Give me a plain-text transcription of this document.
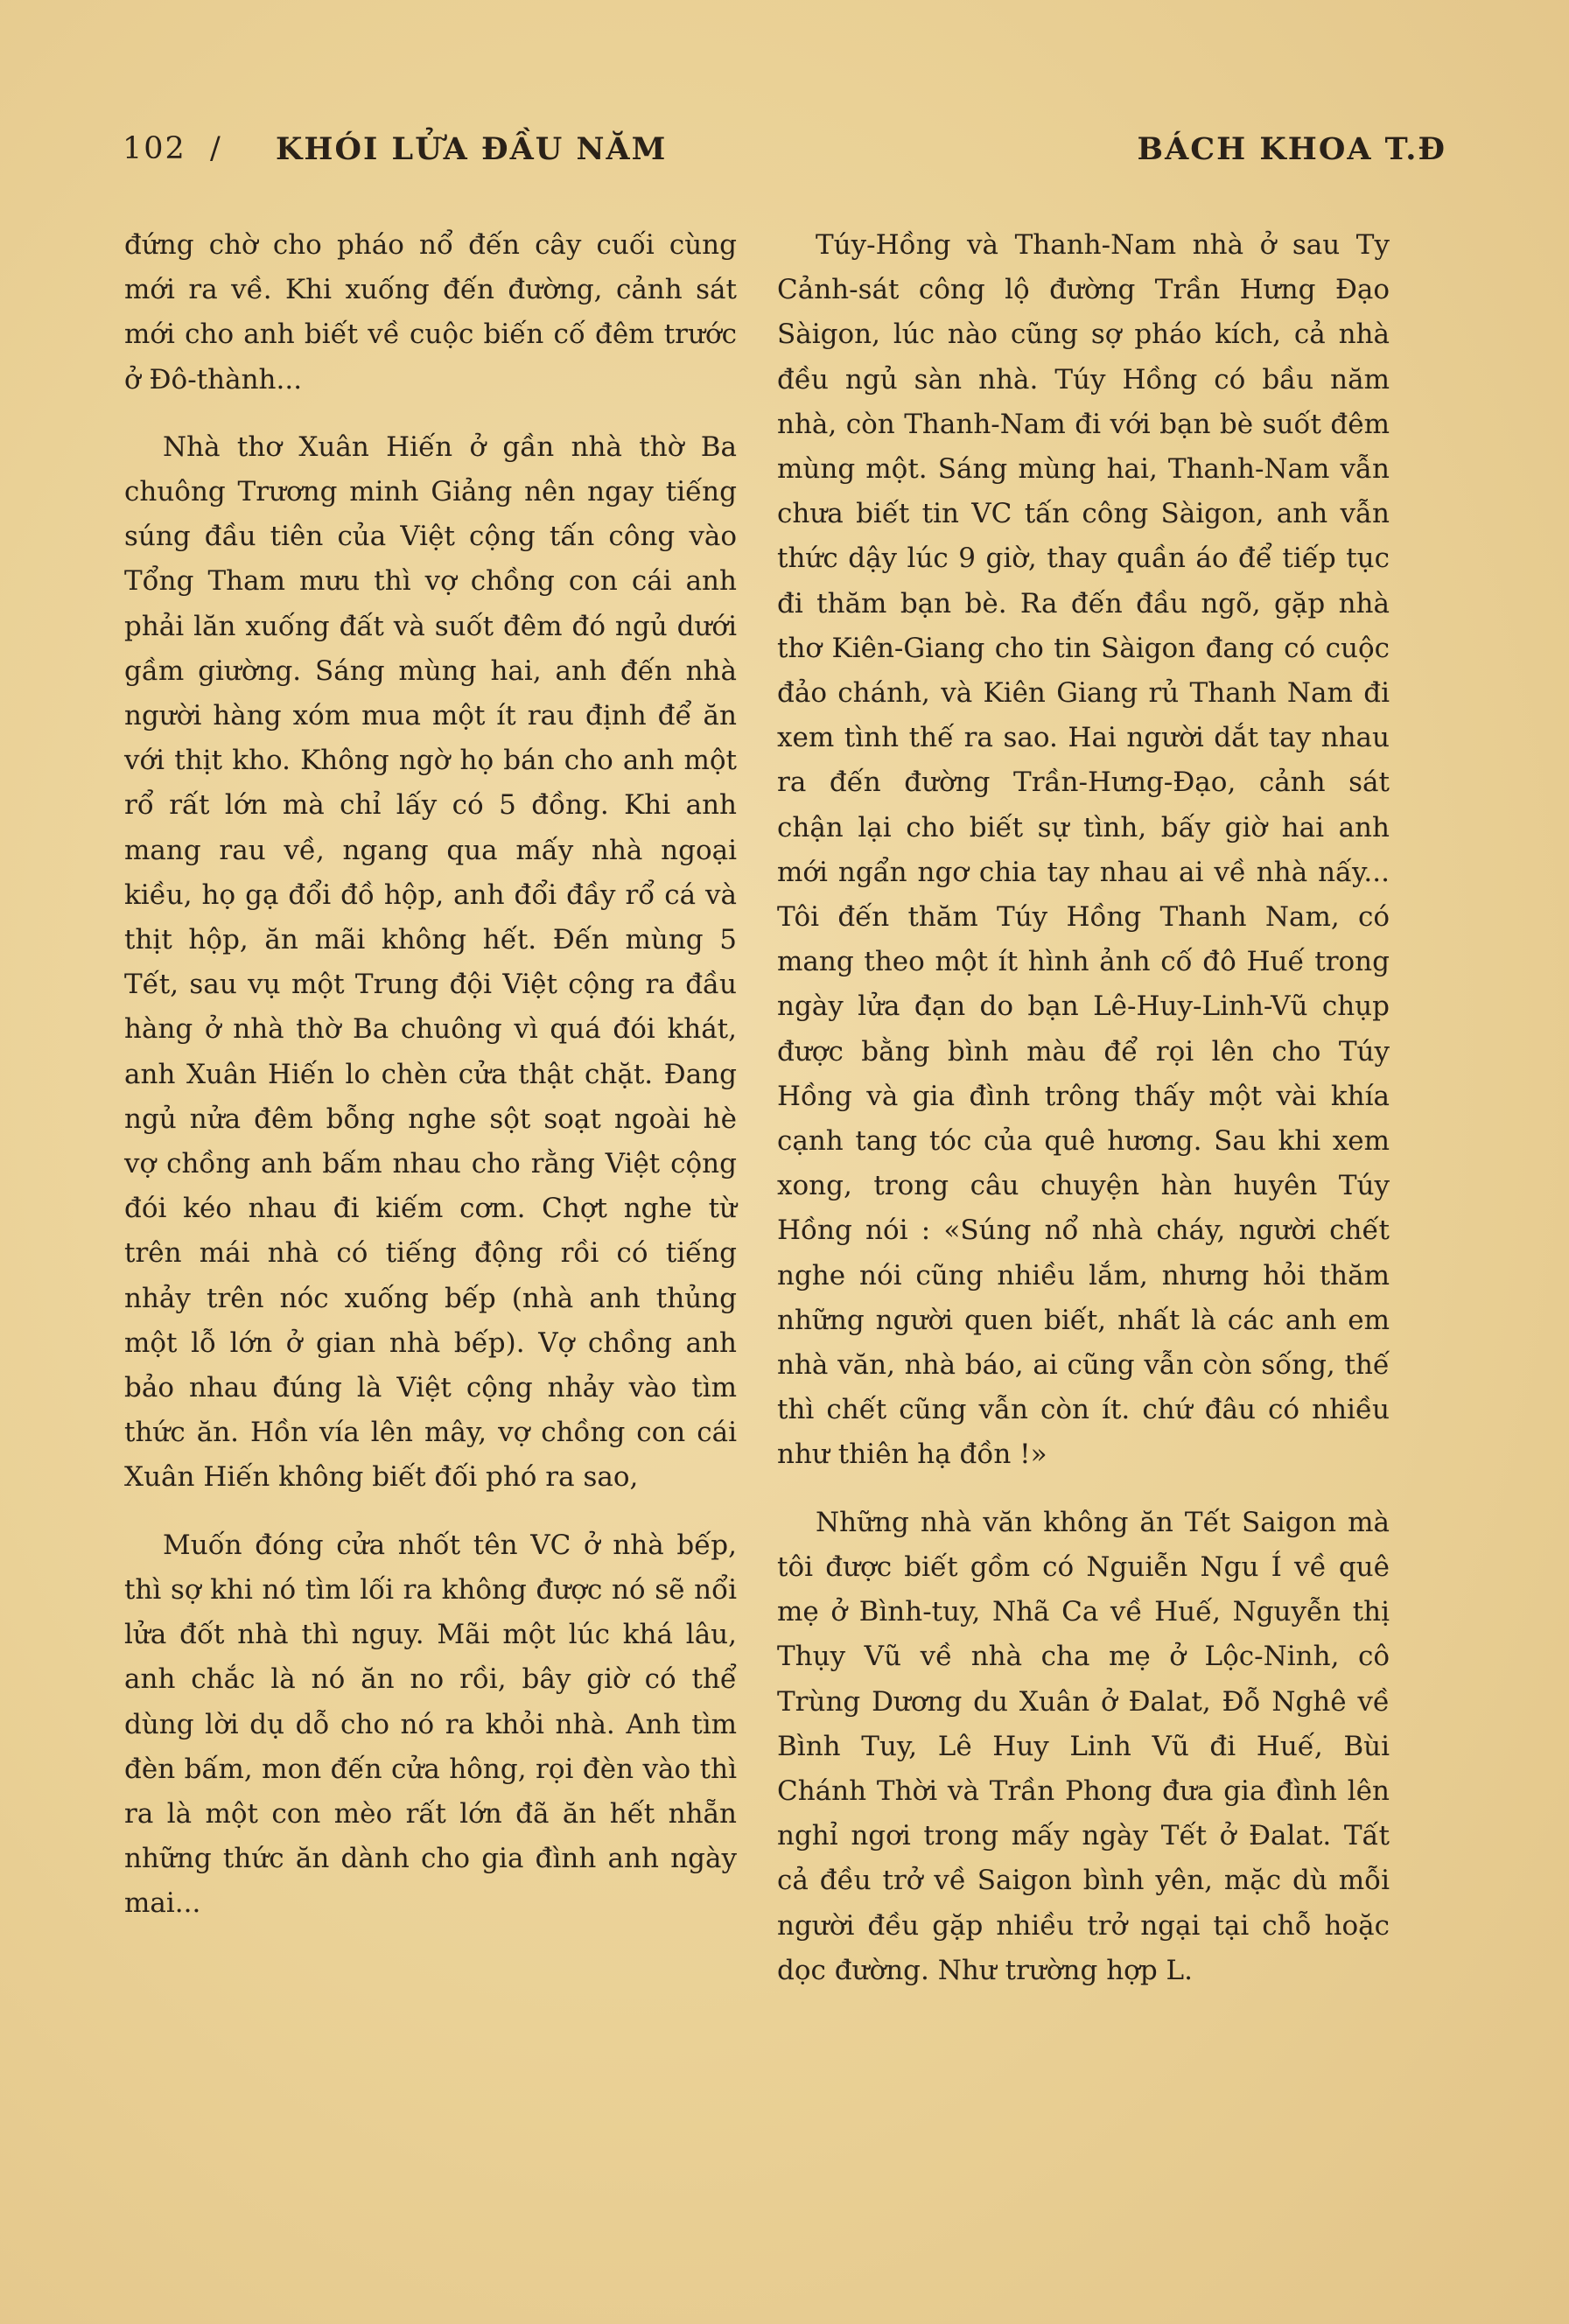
102 / KHÓI LỬA ĐẦU NĂM	BÁCH KHOA T.Đ

đứng chờ cho pháo nổ đến cây cuối cùng mới ra về. Khi xuống đến đường, cảnh sát mới cho anh biết về cuộc biến cố đêm trước ở Đô-thành...

Nhà thơ Xuân Hiến ở gần nhà thờ Ba chuông Trương minh Giảng nên ngay tiếng súng đầu tiên của Việt cộng tấn công vào Tổng Tham mưu thì vợ chồng con cái anh phải lăn xuống đất và suốt đêm đó ngủ dưới gầm giường. Sáng mùng hai, anh đến nhà người hàng xóm mua một ít rau định để ăn với thịt kho. Không ngờ họ bán cho anh một rổ rất lớn mà chỉ lấy có 5 đồng. Khi anh mang rau về, ngang qua mấy nhà ngoại kiều, họ gạ đổi đồ hộp, anh đổi đầy rổ cá và thịt hộp, ăn mãi không hết. Đến mùng 5 Tết, sau vụ một Trung đội Việt cộng ra đầu hàng ở nhà thờ Ba chuông vì quá đói khát, anh Xuân Hiến lo chèn cửa thật chặt. Đang ngủ nửa đêm bỗng nghe sột soạt ngoài hè vợ chồng anh bấm nhau cho rằng Việt cộng đói kéo nhau đi kiếm cơm. Chợt nghe từ trên mái nhà có tiếng động rồi có tiếng nhảy trên nóc xuống bếp (nhà anh thủng một lỗ lớn ở gian nhà bếp). Vợ chồng anh bảo nhau đúng là Việt cộng nhảy vào tìm thức ăn. Hồn vía lên mây, vợ chồng con cái Xuân Hiến không biết đối phó ra sao,

Muốn đóng cửa nhốt tên VC ở nhà bếp, thì sợ khi nó tìm lối ra không được nó sẽ nổi lửa đốt nhà thì nguy. Mãi một lúc khá lâu, anh chắc là nó ăn no rồi, bây giờ có thể dùng lời dụ dỗ cho nó ra khỏi nhà. Anh tìm đèn bấm, mon đến cửa hông, rọi đèn vào thì ra là một con mèo rất lớn đã ăn hết nhẵn những thức ăn dành cho gia đình anh ngày mai...

Túy-Hồng và Thanh-Nam nhà ở sau Ty Cảnh-sát công lộ đường Trần Hưng Đạo Sàigon, lúc nào cũng sợ pháo kích, cả nhà đều ngủ sàn nhà. Túy Hồng có bầu năm nhà, còn Thanh-Nam đi với bạn bè suốt đêm mùng một. Sáng mùng hai, Thanh-Nam vẫn chưa biết tin VC tấn công Sàigon, anh vẫn thức dậy lúc 9 giờ, thay quần áo để tiếp tục đi thăm bạn bè. Ra đến đầu ngõ, gặp nhà thơ Kiên-Giang cho tin Sàigon đang có cuộc đảo chánh, và Kiên Giang rủ Thanh Nam đi xem tình thế ra sao. Hai người dắt tay nhau ra đến đường Trần-Hưng-Đạo, cảnh sát chận lại cho biết sự tình, bấy giờ hai anh mới ngẩn ngơ chia tay nhau ai về nhà nấy... Tôi đến thăm Túy Hồng Thanh Nam, có mang theo một ít hình ảnh cố đô Huế trong ngày lửa đạn do bạn Lê-Huy-Linh-Vũ chụp được bằng bình màu để rọi lên cho Túy Hồng và gia đình trông thấy một vài khía cạnh tang tóc của quê hương. Sau khi xem xong, trong câu chuyện hàn huyên Túy Hồng nói : «Súng nổ nhà cháy, người chết nghe nói cũng nhiều lắm, nhưng hỏi thăm những người quen biết, nhất là các anh em nhà văn, nhà báo, ai cũng vẫn còn sống, thế thì chết cũng vẫn còn ít. chứ đâu có nhiều như thiên hạ đồn !»

Những nhà văn không ăn Tết Saigon mà tôi được biết gồm có Nguiễn Ngu Í về quê mẹ ở Bình-tuy, Nhã Ca về Huế, Nguyễn thị Thụy Vũ về nhà cha mẹ ở Lộc-Ninh, cô Trùng Dương du Xuân ở Đalat, Đỗ Nghê về Bình Tuy, Lê Huy Linh Vũ đi Huế, Bùi Chánh Thời và Trần Phong đưa gia đình lên nghỉ ngơi trong mấy ngày Tết ở Đalat. Tất cả đều trở về Saigon bình yên, mặc dù mỗi người đều gặp nhiều trở ngại tại chỗ hoặc dọc đường. Như trường hợp L.
